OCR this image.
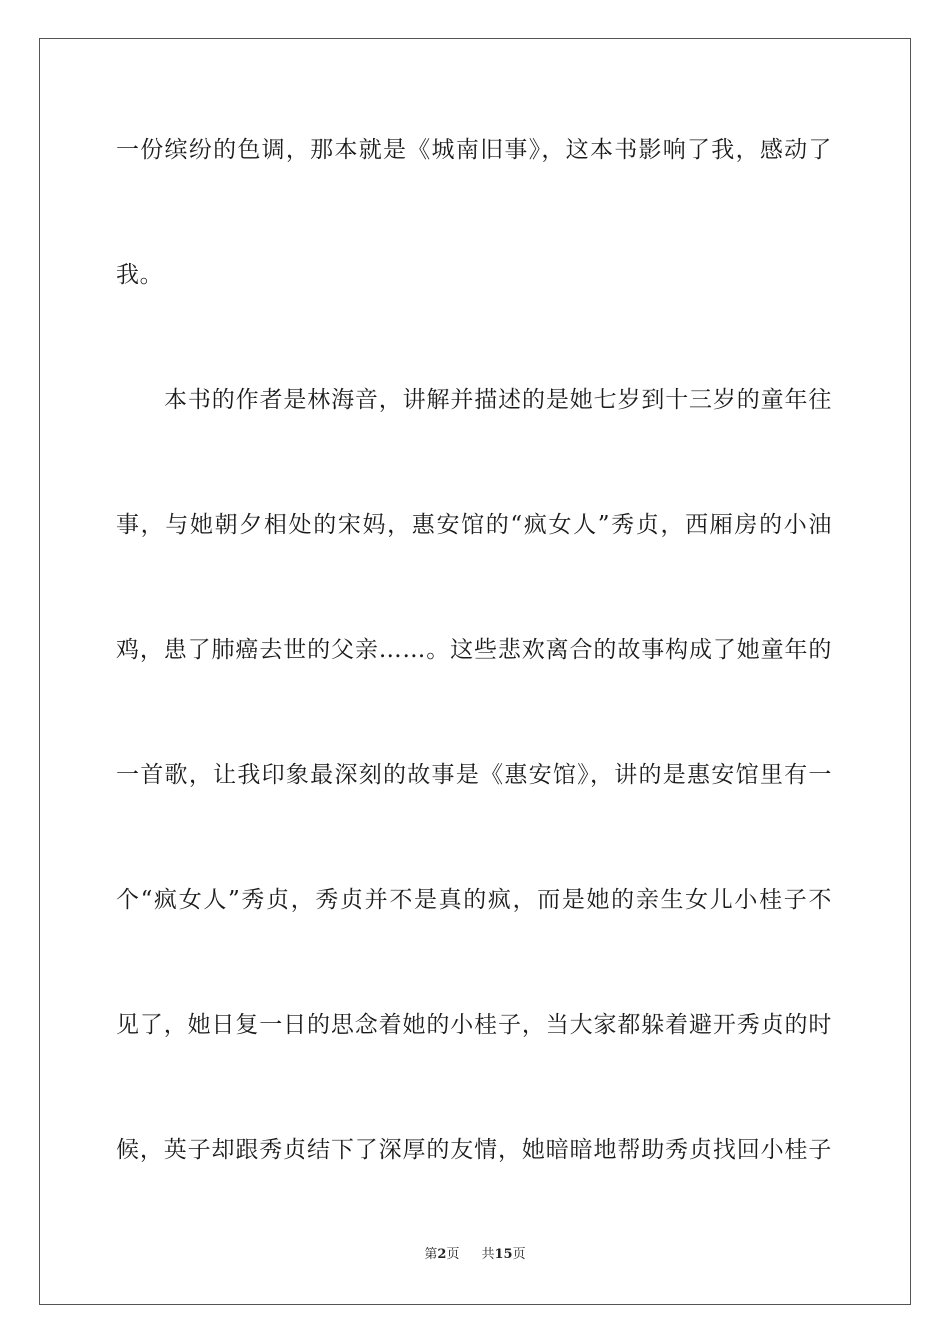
一份缤纷的色调，那本就是《城南旧事》，这本书影响了我，感动了
我。
本书的作者是林海音，讲解并描述的是她七岁到十三岁的童年往
事，与她朝夕相处的宋妈，惠安馆的“疯女人”秀贞，西厢房的小油
鸡，患了肺癌去世的父亲……。这些悲欢离合的故事构成了她童年的
一首歌，让我印象最深刻的故事是《惠安馆》，讲的是惠安馆里有一
个“疯女人”秀贞，秀贞并不是真的疯，而是她的亲生女儿小桂子不
见了，她日复一日的思念着她的小桂子，当大家都躲着避开秀贞的时
候，英子却跟秀贞结下了深厚的友情，她暗暗地帮助秀贞找回小桂子
第2页 共15页
